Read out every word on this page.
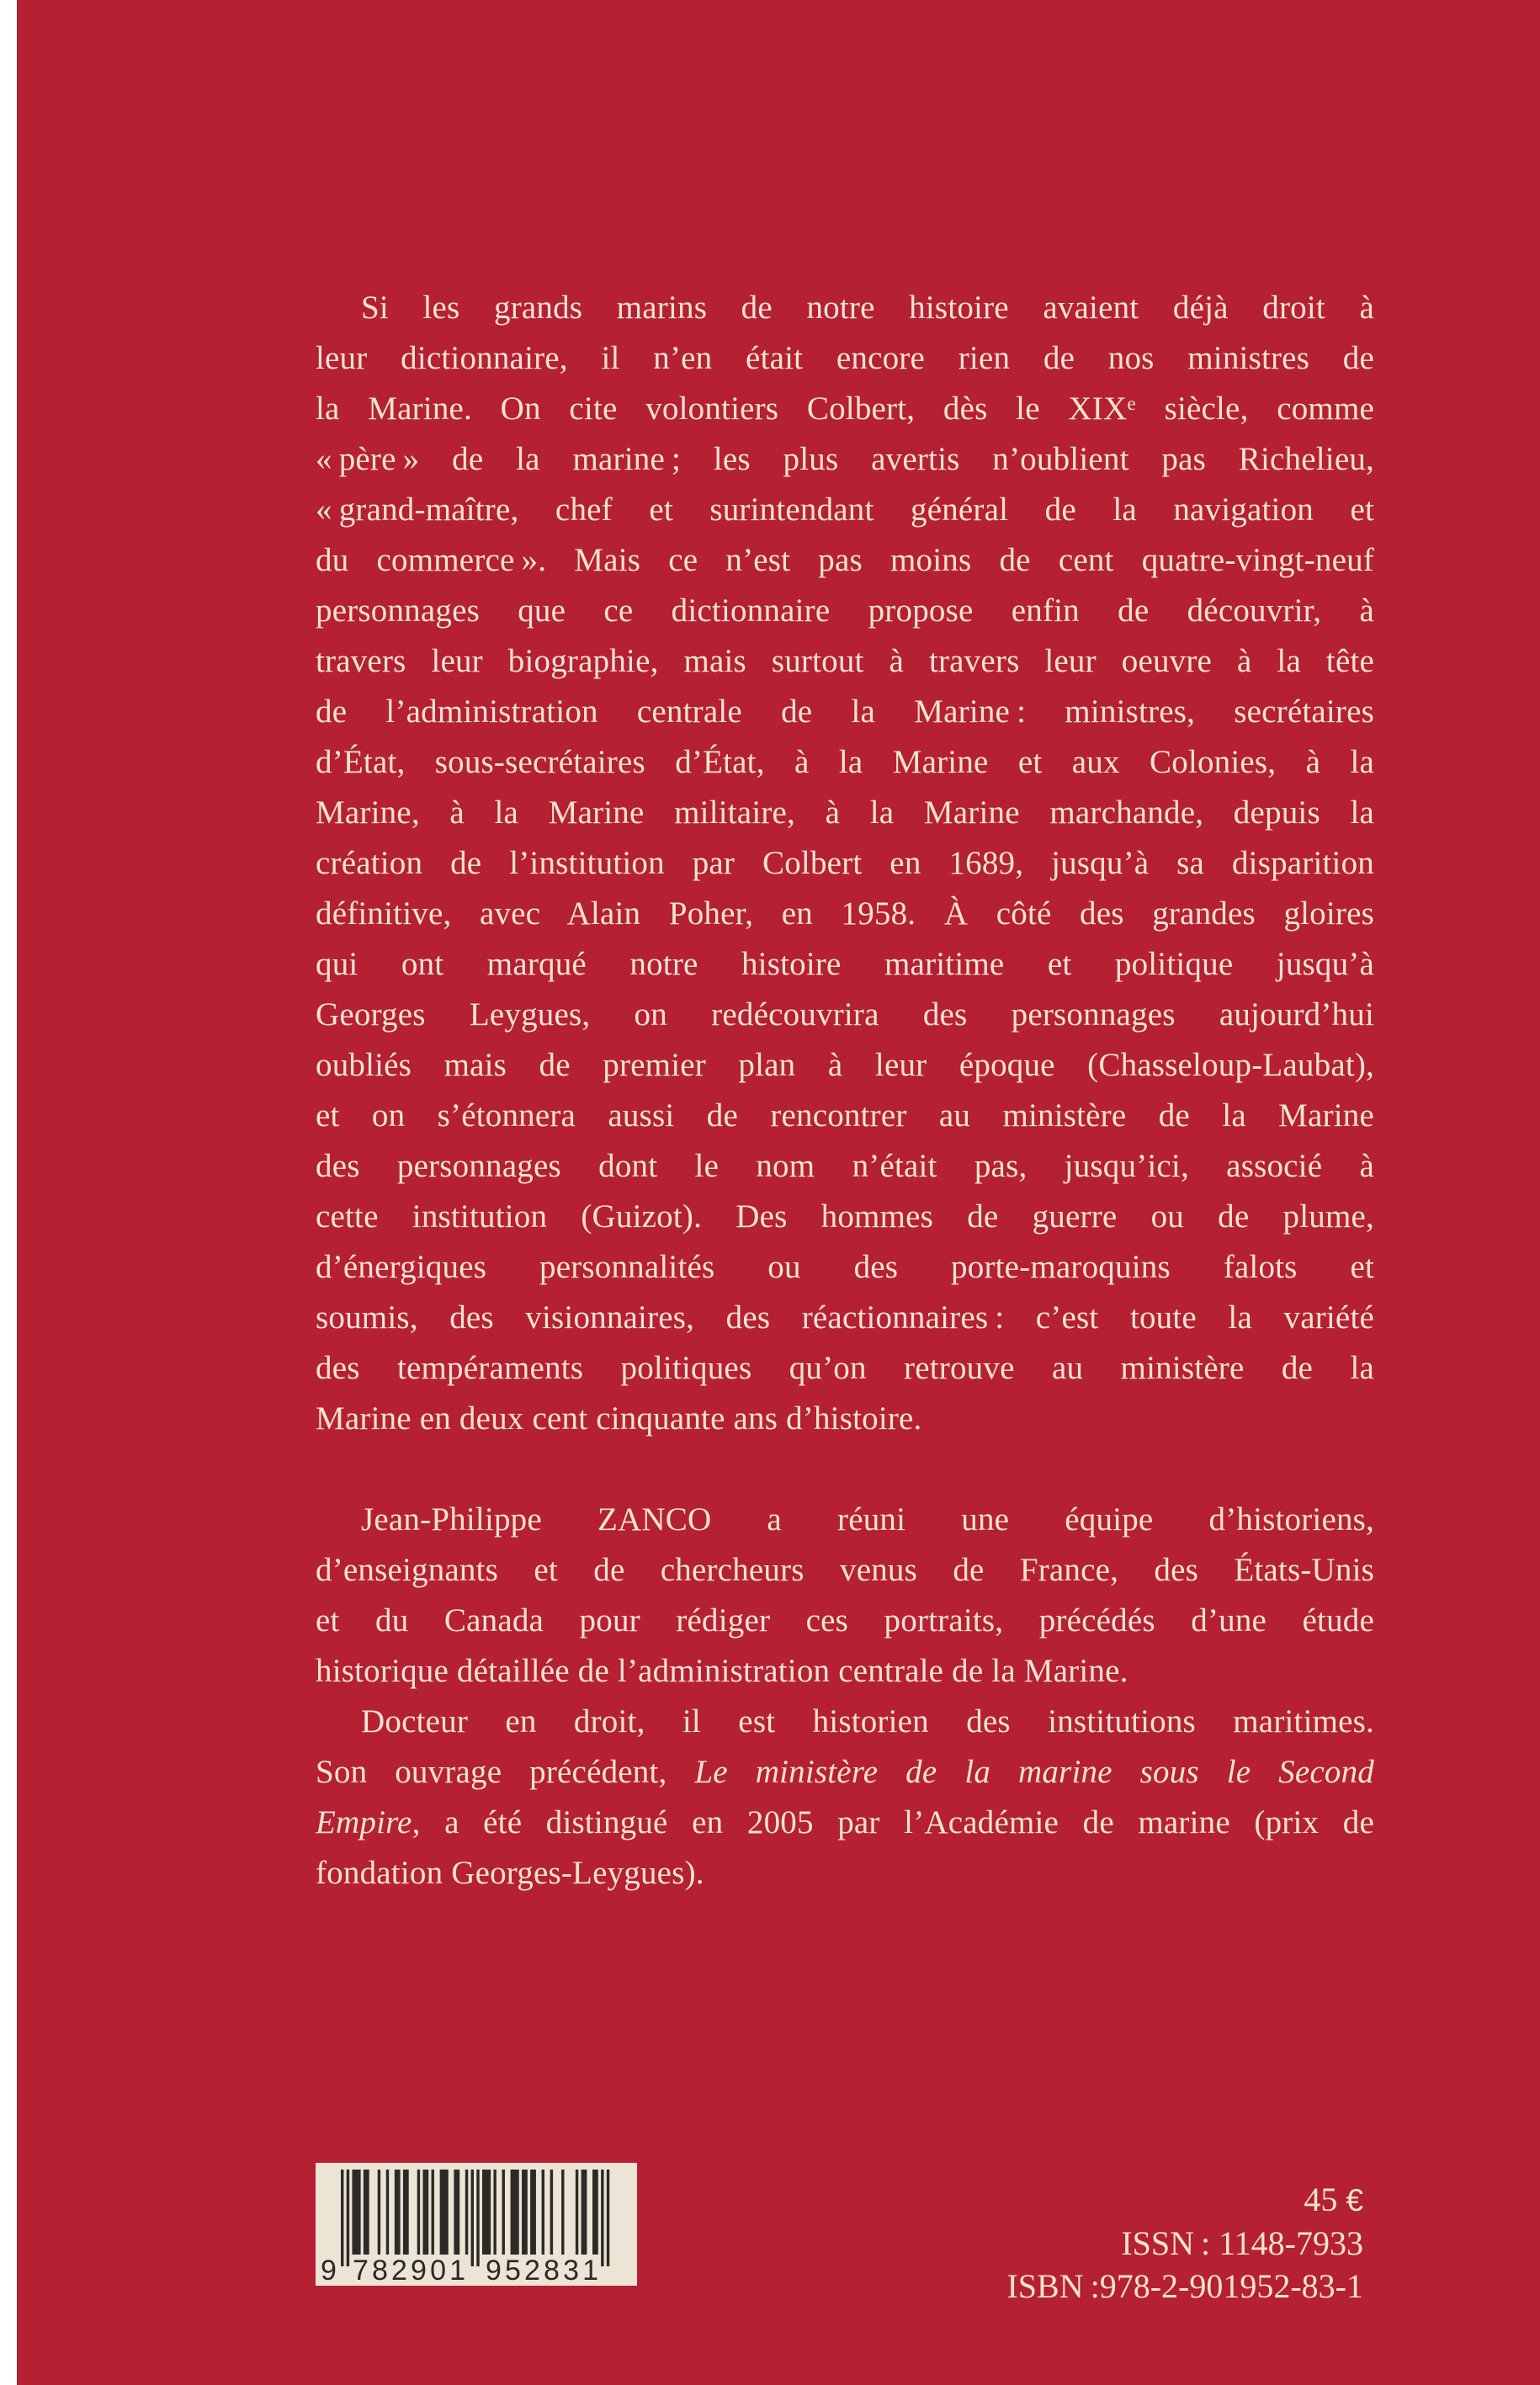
Si les grands marins de notre histoire avaient déjà droit à
leur dictionnaire, il n’en était encore rien de nos ministres de
la Marine. On cite volontiers Colbert, dès le XIXe siècle, comme
« père » de la marine ; les plus avertis n’oublient pas Richelieu,
« grand-maître, chef et surintendant général de la navigation et
du commerce ». Mais ce n’est pas moins de cent quatre-vingt-neuf
personnages que ce dictionnaire propose enfin de découvrir, à
travers leur biographie, mais surtout à travers leur oeuvre à la tête
de l’administration centrale de la Marine : ministres, secrétaires
d’État, sous-secrétaires d’État, à la Marine et aux Colonies, à la
Marine, à la Marine militaire, à la Marine marchande, depuis la
création de l’institution par Colbert en 1689, jusqu’à sa disparition
définitive, avec Alain Poher, en 1958. À côté des grandes gloires
qui ont marqué notre histoire maritime et politique jusqu’à
Georges Leygues, on redécouvrira des personnages aujourd’hui
oubliés mais de premier plan à leur époque (Chasseloup-Laubat),
et on s’étonnera aussi de rencontrer au ministère de la Marine
des personnages dont le nom n’était pas, jusqu’ici, associé à
cette institution (Guizot). Des hommes de guerre ou de plume,
d’énergiques personnalités ou des porte-maroquins falots et
soumis, des visionnaires, des réactionnaires : c’est toute la variété
des tempéraments politiques qu’on retrouve au ministère de la
Marine en deux cent cinquante ans d’histoire.
Jean-Philippe ZANCO a réuni une équipe d’historiens,
d’enseignants et de chercheurs venus de France, des États-Unis
et du Canada pour rédiger ces portraits, précédés d’une étude
historique détaillée de l’administration centrale de la Marine.
Docteur en droit, il est historien des institutions maritimes.
Son ouvrage précédent, Le ministère de la marine sous le Second
Empire, a été distingué en 2005 par l’Académie de marine (prix de
fondation Georges-Leygues).
9 782901 952831
45 €
ISSN : 1148-7933
ISBN :978-2-901952-83-1
